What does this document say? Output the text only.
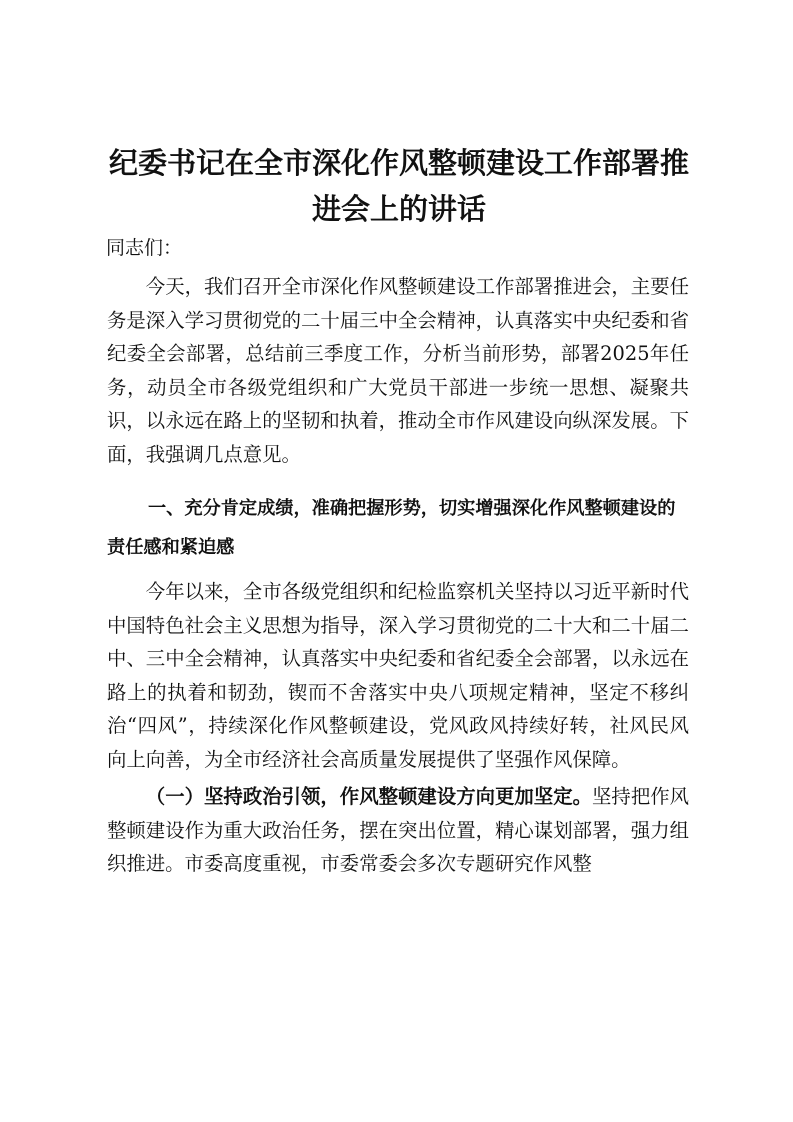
纪委书记在全市深化作风整顿建设工作部署推
进会上的讲话

同志们：

今天，我们召开全市深化作风整顿建设工作部署推进会，主要任务是深入学习贯彻党的二十届三中全会精神，认真落实中央纪委和省纪委全会部署，总结前三季度工作，分析当前形势，部署2025年任务，动员全市各级党组织和广大党员干部进一步统一思想、凝聚共识，以永远在路上的坚韧和执着，推动全市作风建设向纵深发展。下面，我强调几点意见。

一、充分肯定成绩，准确把握形势，切实增强深化作风整顿建设的责任感和紧迫感

今年以来，全市各级党组织和纪检监察机关坚持以习近平新时代中国特色社会主义思想为指导，深入学习贯彻党的二十大和二十届二中、三中全会精神，认真落实中央纪委和省纪委全会部署，以永远在路上的执着和韧劲，锲而不舍落实中央八项规定精神，坚定不移纠治“四风”，持续深化作风整顿建设，党风政风持续好转，社风民风向上向善，为全市经济社会高质量发展提供了坚强作风保障。

（一）坚持政治引领，作风整顿建设方向更加坚定。坚持把作风整顿建设作为重大政治任务，摆在突出位置，精心谋划部署，强力组织推进。市委高度重视，市委常委会多次专题研究作风整
